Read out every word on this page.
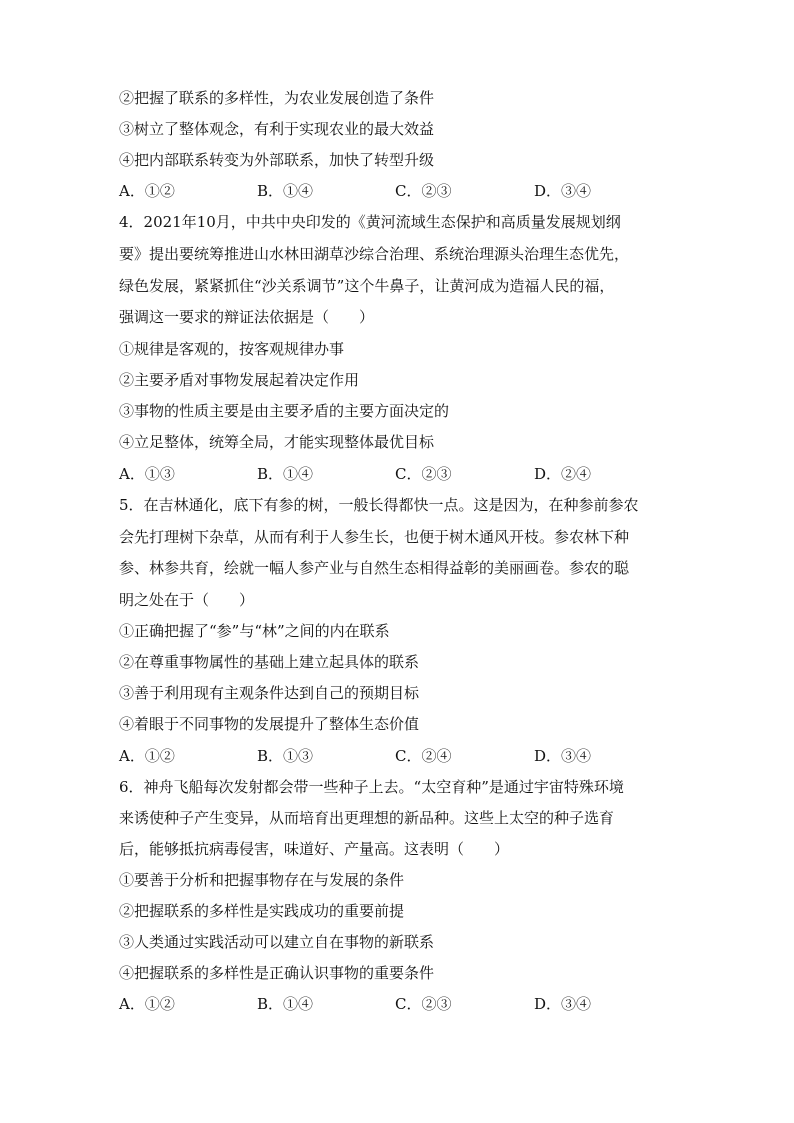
②把握了联系的多样性，为农业发展创造了条件
③树立了整体观念，有利于实现农业的最大效益
④把内部联系转变为外部联系，加快了转型升级
A．①②	B．①④	C．②③	D．③④
4．2021年10月，中共中央印发的《黄河流域生态保护和高质量发展规划纲
要》提出要统筹推进山水林田湖草沙综合治理、系统治理源头治理生态优先，
绿色发展，紧紧抓住“沙关系调节”这个牛鼻子，让黄河成为造福人民的福，
强调这一要求的辩证法依据是（　　）
①规律是客观的，按客观规律办事
②主要矛盾对事物发展起着决定作用
③事物的性质主要是由主要矛盾的主要方面决定的
④立足整体，统筹全局，才能实现整体最优目标
A．①③	B．①④	C．②③	D．②④
5．在吉林通化，底下有参的树，一般长得都快一点。这是因为，在种参前参农
会先打理树下杂草，从而有利于人参生长，也便于树木通风开枝。参农林下种
参、林参共育，绘就一幅人参产业与自然生态相得益彰的美丽画卷。参农的聪
明之处在于（　　）
①正确把握了“参”与“林”之间的内在联系
②在尊重事物属性的基础上建立起具体的联系
③善于利用现有主观条件达到自己的预期目标
④着眼于不同事物的发展提升了整体生态价值
A．①②	B．①③	C．②④	D．③④
6．神舟飞船每次发射都会带一些种子上去。“太空育种”是通过宇宙特殊环境
来诱使种子产生变异，从而培育出更理想的新品种。这些上太空的种子选育
后，能够抵抗病毒侵害，味道好、产量高。这表明（　　）
①要善于分析和把握事物存在与发展的条件
②把握联系的多样性是实践成功的重要前提
③人类通过实践活动可以建立自在事物的新联系
④把握联系的多样性是正确认识事物的重要条件
A．①②	B．①④	C．②③	D．③④
